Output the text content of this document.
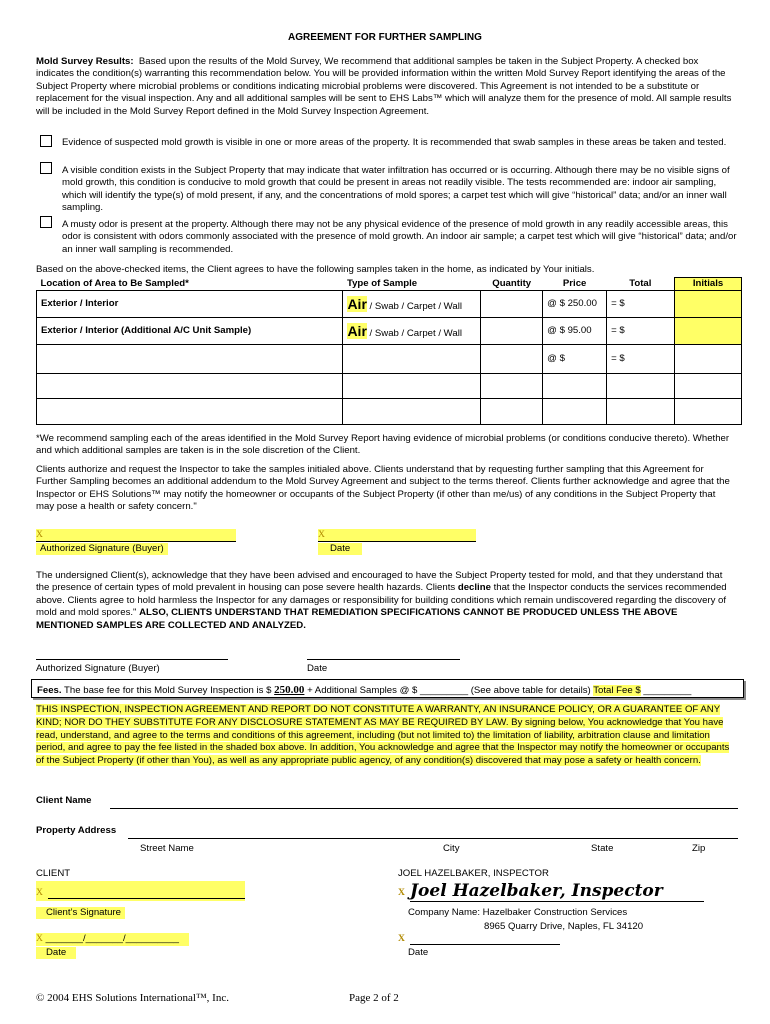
AGREEMENT FOR FURTHER SAMPLING

Mold Survey Results: Based upon the results of the Mold Survey, We recommend that additional samples be taken in the Subject Property. A checked box indicates the condition(s) warranting this recommendation below. You will be provided information within the written Mold Survey Report identifying the areas of the Subject Property where microbial problems or conditions indicating microbial problems were discovered. This Agreement is not intended to be a substitute or replacement for the visual inspection. Any and all additional samples will be sent to EHS Labs™ which will analyze them for the presence of mold. All sample results will be included in the Mold Survey Report defined in the Mold Survey Inspection Agreement.

Evidence of suspected mold growth is visible in one or more areas of the property. It is recommended that swab samples in these areas be taken and tested.

A visible condition exists in the Subject Property that may indicate that water infiltration has occurred or is occurring. Although there may be no visible signs of mold growth, this condition is conducive to mold growth that could be present in areas not readily visible. The tests recommended are: indoor air sampling, which will identify the type(s) of mold present, if any, and the concentrations of mold spores; a carpet test which will give “historical” data; and/or an inner wall sampling.

A musty odor is present at the property. Although there may not be any physical evidence of the presence of mold growth in any readily accessible areas, this odor is consistent with odors commonly associated with the presence of mold growth. An indoor air sample; a carpet test which will give “historical” data; and/or an inner wall sampling is recommended.

Based on the above-checked items, the Client agrees to have the following samples taken in the home, as indicated by Your initials.

Location of Area to Be Sampled*	Type of Sample	Quantity	Price	Total	Initials
Exterior / Interior	Air / Swab / Carpet / Wall		@ $ 250.00	= $	
Exterior / Interior (Additional A/C Unit Sample)	Air / Swab / Carpet / Wall		@ $ 95.00	= $	
			@ $	= $	

*We recommend sampling each of the areas identified in the Mold Survey Report having evidence of microbial problems (or conditions conducive thereto). Whether and which additional samples are taken is in the sole discretion of the Client.

Clients authorize and request the Inspector to take the samples initialed above. Clients understand that by requesting further sampling that this Agreement for Further Sampling becomes an additional addendum to the Mold Survey Agreement and subject to the terms thereof. Clients further acknowledge and agree that the Inspector or EHS Solutions™ may notify the homeowner or occupants of the Subject Property (if other than me/us) of any conditions in the Subject Property that may pose a health or safety concern."

X
Authorized Signature (Buyer)
X
Date

The undersigned Client(s), acknowledge that they have been advised and encouraged to have the Subject Property tested for mold, and that they understand that the presence of certain types of mold prevalent in housing can pose severe health hazards. Clients decline that the Inspector conducts the services recommended above. Clients agree to hold harmless the Inspector for any damages or responsibility for building conditions which remain undiscovered regarding the discovery of mold and mold spores." ALSO, CLIENTS UNDERSTAND THAT REMEDIATION SPECIFICATIONS CANNOT BE PRODUCED UNLESS THE ABOVE MENTIONED SAMPLES ARE COLLECTED AND ANALYZED.

Authorized Signature (Buyer)	Date
Fees. The base fee for this Mold Survey Inspection is $ 250.00 + Additional Samples @ $ _________ (See above table for details) Total Fee $ _________

THIS INSPECTION, INSPECTION AGREEMENT AND REPORT DO NOT CONSTITUTE A WARRANTY, AN INSURANCE POLICY, OR A GUARANTEE OF ANY KIND; NOR DO THEY SUBSTITUTE FOR ANY DISCLOSURE STATEMENT AS MAY BE REQUIRED BY LAW. By signing below, You acknowledge that You have read, understand, and agree to the terms and conditions of this agreement, including (but not limited to) the limitation of liability, arbitration clause and limitation period, and agree to pay the fee listed in the shaded box above. In addition, You acknowledge and agree that the Inspector may notify the homeowner or occupants of the Subject Property (if other than You), as well as any appropriate public agency, of any condition(s) discovered that may pose a safety or health concern.

Client Name
Property Address
Street Name	City	State	Zip
CLIENT	JOEL HAZELBAKER, INSPECTOR
X
Client’s Signature
X Joel Hazelbaker, Inspector
Company Name: Hazelbaker Construction Services
8965 Quarry Drive, Naples, FL 34120
X _______/_______/__________
Date
X
Date
© 2004 EHS Solutions International™, Inc.	Page 2 of 2
